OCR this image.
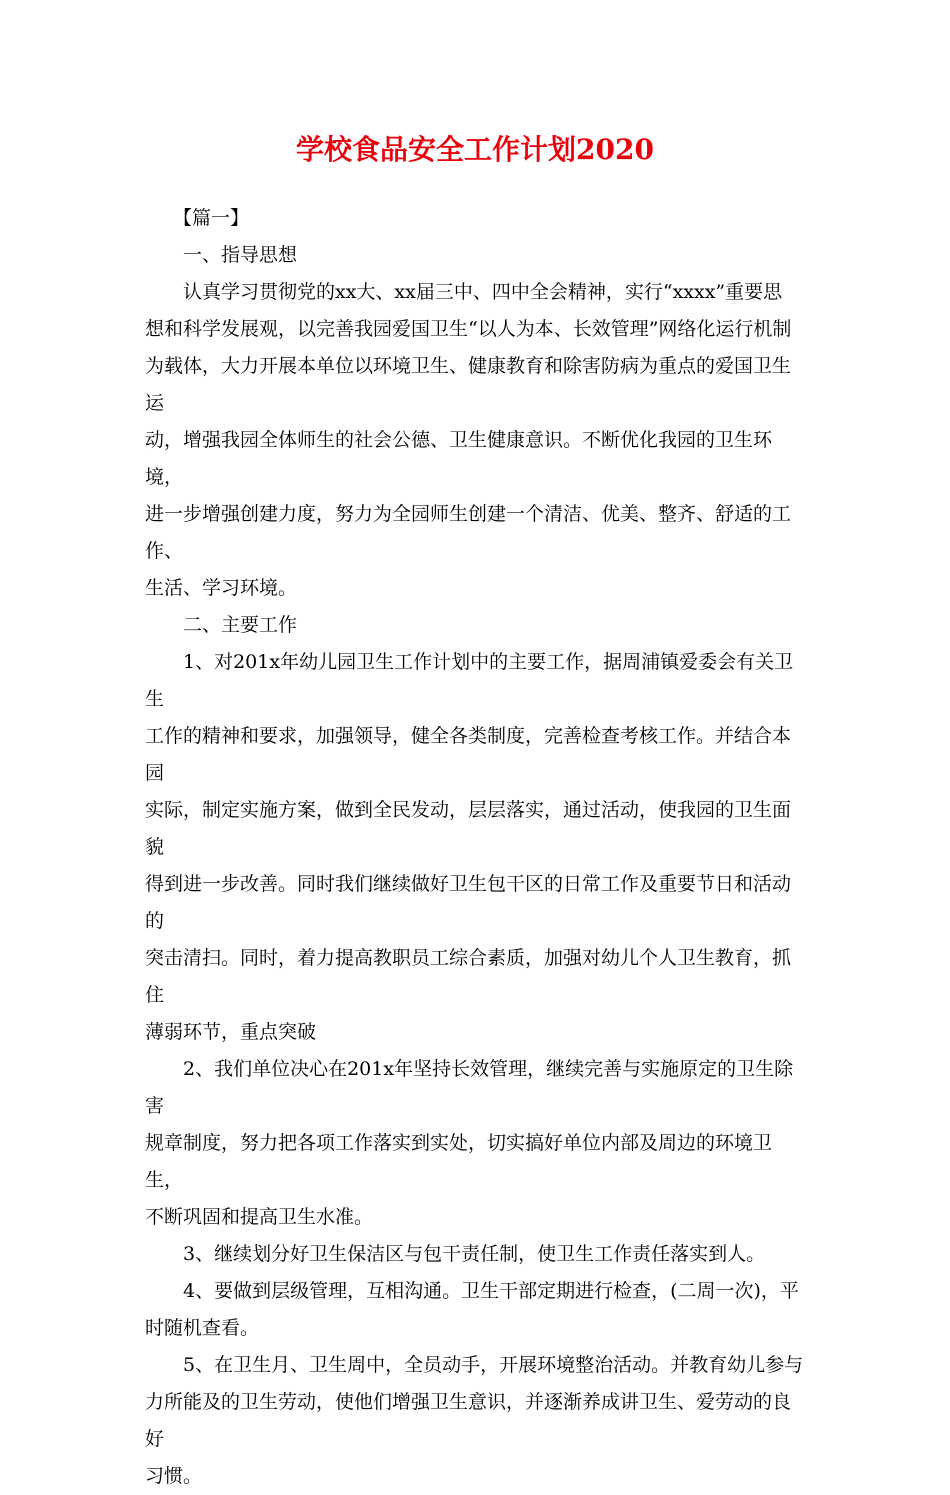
学校食品安全工作计划2020

【篇一】

一、指导思想

认真学习贯彻党的xx大、xx届三中、四中全会精神，实行“xxxx”重要思
想和科学发展观，以完善我园爱国卫生“以人为本、长效管理”网络化运行机制
为载体，大力开展本单位以环境卫生、健康教育和除害防病为重点的爱国卫生运
动，增强我园全体师生的社会公德、卫生健康意识。不断优化我园的卫生环境，
进一步增强创建力度，努力为全园师生创建一个清洁、优美、整齐、舒适的工作、
生活、学习环境。

二、主要工作

1、对201x年幼儿园卫生工作计划中的主要工作，据周浦镇爱委会有关卫生
工作的精神和要求，加强领导，健全各类制度，完善检查考核工作。并结合本园
实际，制定实施方案，做到全民发动，层层落实，通过活动，使我园的卫生面貌
得到进一步改善。同时我们继续做好卫生包干区的日常工作及重要节日和活动的
突击清扫。同时，着力提高教职员工综合素质，加强对幼儿个人卫生教育，抓住
薄弱环节，重点突破

2、我们单位决心在201x年坚持长效管理，继续完善与实施原定的卫生除害
规章制度，努力把各项工作落实到实处，切实搞好单位内部及周边的环境卫生，
不断巩固和提高卫生水准。

3、继续划分好卫生保洁区与包干责任制，使卫生工作责任落实到人。

4、要做到层级管理，互相沟通。卫生干部定期进行检查，(二周一次)，平
时随机查看。

5、在卫生月、卫生周中，全员动手，开展环境整治活动。并教育幼儿参与
力所能及的卫生劳动，使他们增强卫生意识，并逐渐养成讲卫生、爱劳动的良好
习惯。
